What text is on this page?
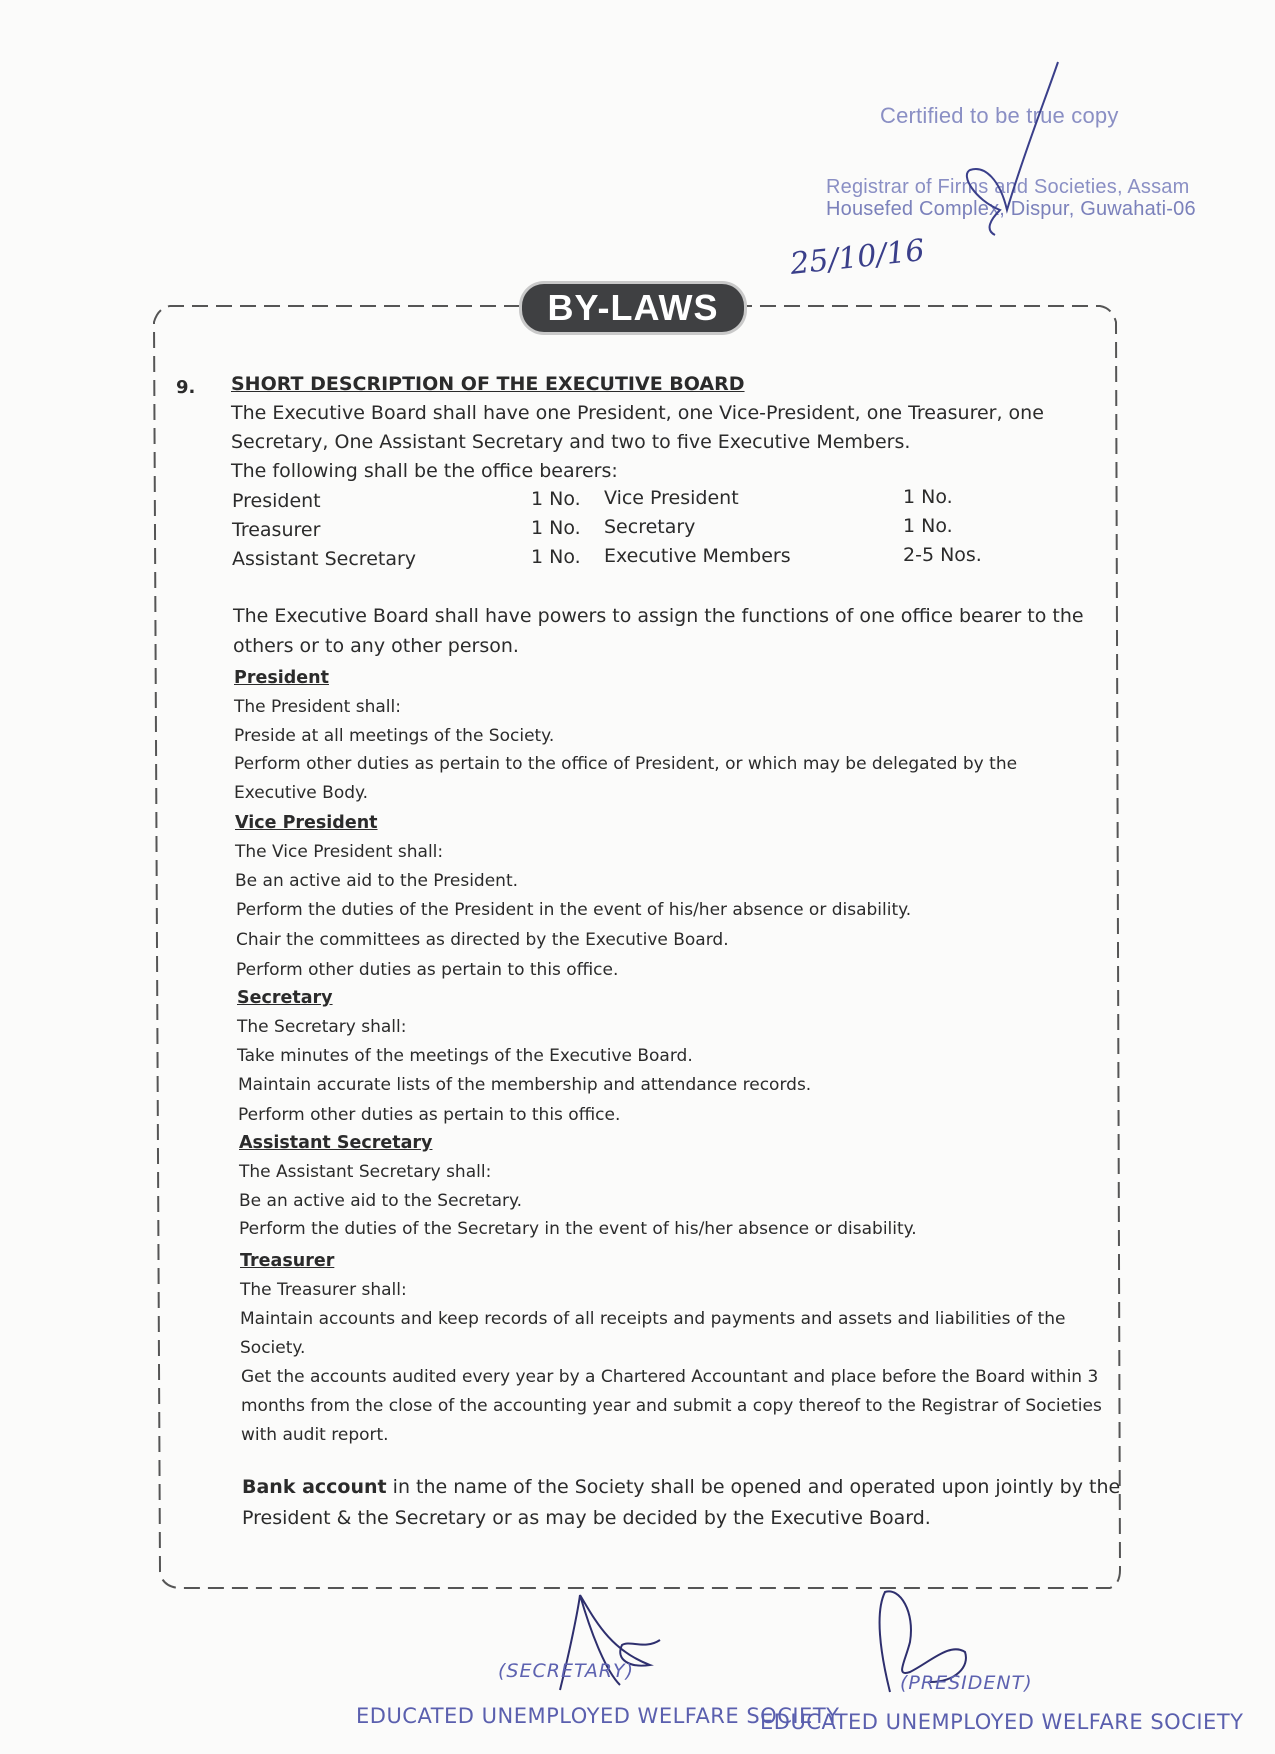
Certified to be true copy
Registrar of Firms and Societies, Assam
Housefed Complex, Dispur, Guwahati-06
25/10/16
BY-LAWS
9. SHORT DESCRIPTION OF THE EXECUTIVE BOARD
The Executive Board shall have one President, one Vice-President, one Treasurer, one
Secretary, One Assistant Secretary and two to five Executive Members.
The following shall be the office bearers:
President	1 No. Vice President	1 No.
Treasurer	1 No. Secretary	1 No.
Assistant Secretary	1 No. Executive Members	2-5 Nos.
The Executive Board shall have powers to assign the functions of one office bearer to the
others or to any other person.
President
The President shall:
Preside at all meetings of the Society.
Perform other duties as pertain to the office of President, or which may be delegated by the
Executive Body.
Vice President
The Vice President shall:
Be an active aid to the President.
Perform the duties of the President in the event of his/her absence or disability.
Chair the committees as directed by the Executive Board.
Perform other duties as pertain to this office.
Secretary
The Secretary shall:
Take minutes of the meetings of the Executive Board.
Maintain accurate lists of the membership and attendance records.
Perform other duties as pertain to this office.
Assistant Secretary
The Assistant Secretary shall:
Be an active aid to the Secretary.
Perform the duties of the Secretary in the event of his/her absence or disability.
Treasurer
The Treasurer shall:
Maintain accounts and keep records of all receipts and payments and assets and liabilities of the
Society.
Get the accounts audited every year by a Chartered Accountant and place before the Board within 3
months from the close of the accounting year and submit a copy thereof to the Registrar of Societies
with audit report.
Bank account in the name of the Society shall be opened and operated upon jointly by the
President & the Secretary or as may be decided by the Executive Board.
(SECRETARY)
(PRESIDENT)
EDUCATED UNEMPLOYED WELFARE SOCIETY
EDUCATED UNEMPLOYED WELFARE SOCIETY
